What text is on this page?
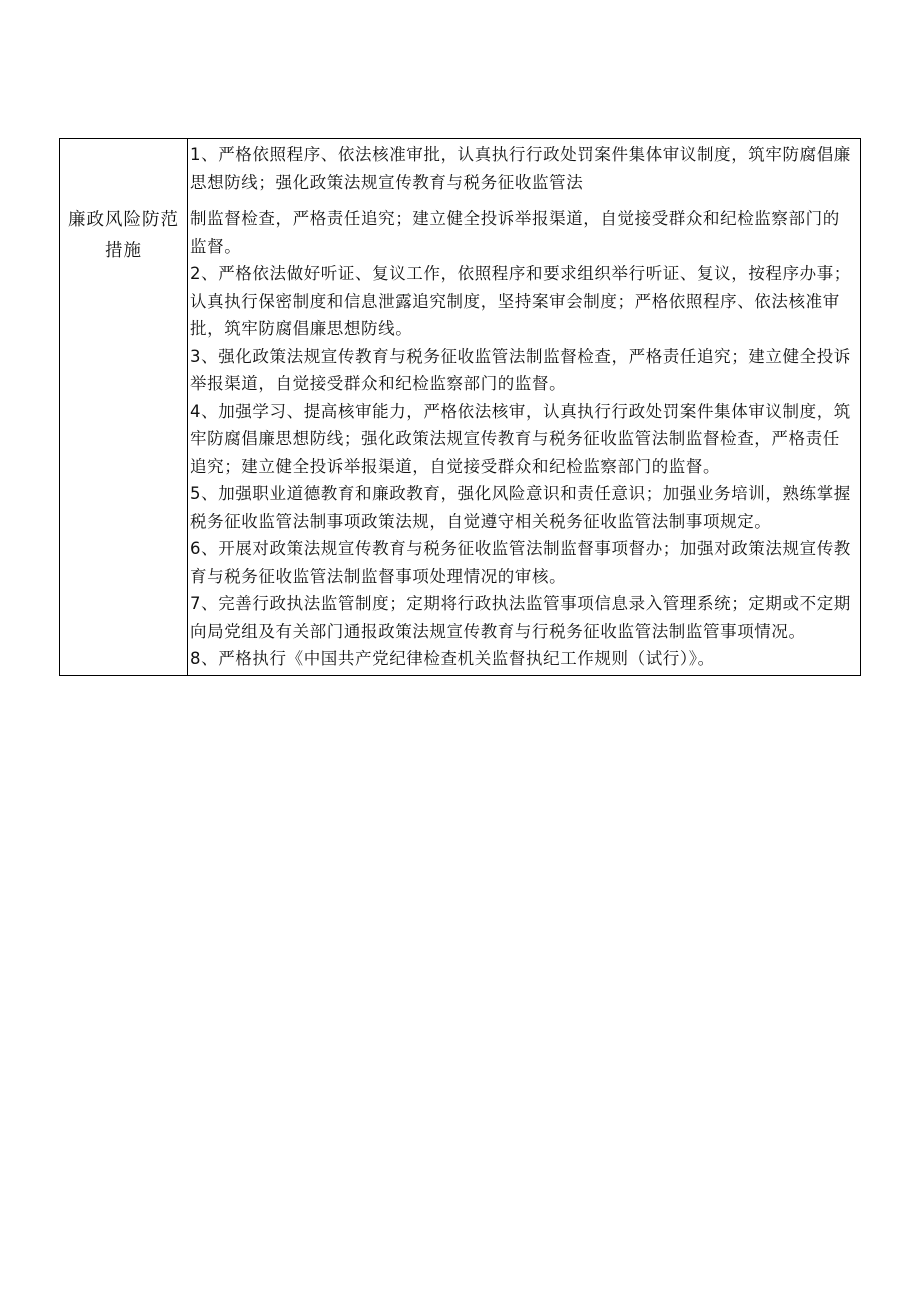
廉政风险防范措施

1、严格依照程序、依法核准审批，认真执行行政处罚案件集体审议制度，筑牢防腐倡廉思想防线；强化政策法规宣传教育与税务征收监管法

制监督检查，严格责任追究；建立健全投诉举报渠道，自觉接受群众和纪检监察部门的监督。

2、严格依法做好听证、复议工作，依照程序和要求组织举行听证、复议，按程序办事；认真执行保密制度和信息泄露追究制度，坚持案审会制度；严格依照程序、依法核准审批，筑牢防腐倡廉思想防线。

3、强化政策法规宣传教育与税务征收监管法制监督检查，严格责任追究；建立健全投诉举报渠道，自觉接受群众和纪检监察部门的监督。

4、加强学习、提高核审能力，严格依法核审，认真执行行政处罚案件集体审议制度，筑牢防腐倡廉思想防线；强化政策法规宣传教育与税务征收监管法制监督检查，严格责任追究；建立健全投诉举报渠道，自觉接受群众和纪检监察部门的监督。

5、加强职业道德教育和廉政教育，强化风险意识和责任意识；加强业务培训，熟练掌握税务征收监管法制事项政策法规，自觉遵守相关税务征收监管法制事项规定。

6、开展对政策法规宣传教育与税务征收监管法制监督事项督办；加强对政策法规宣传教育与税务征收监管法制监督事项处理情况的审核。

7、完善行政执法监管制度；定期将行政执法监管事项信息录入管理系统；定期或不定期向局党组及有关部门通报政策法规宣传教育与行税务征收监管法制监管事项情况。

8、严格执行《中国共产党纪律检查机关监督执纪工作规则（试行）》。
